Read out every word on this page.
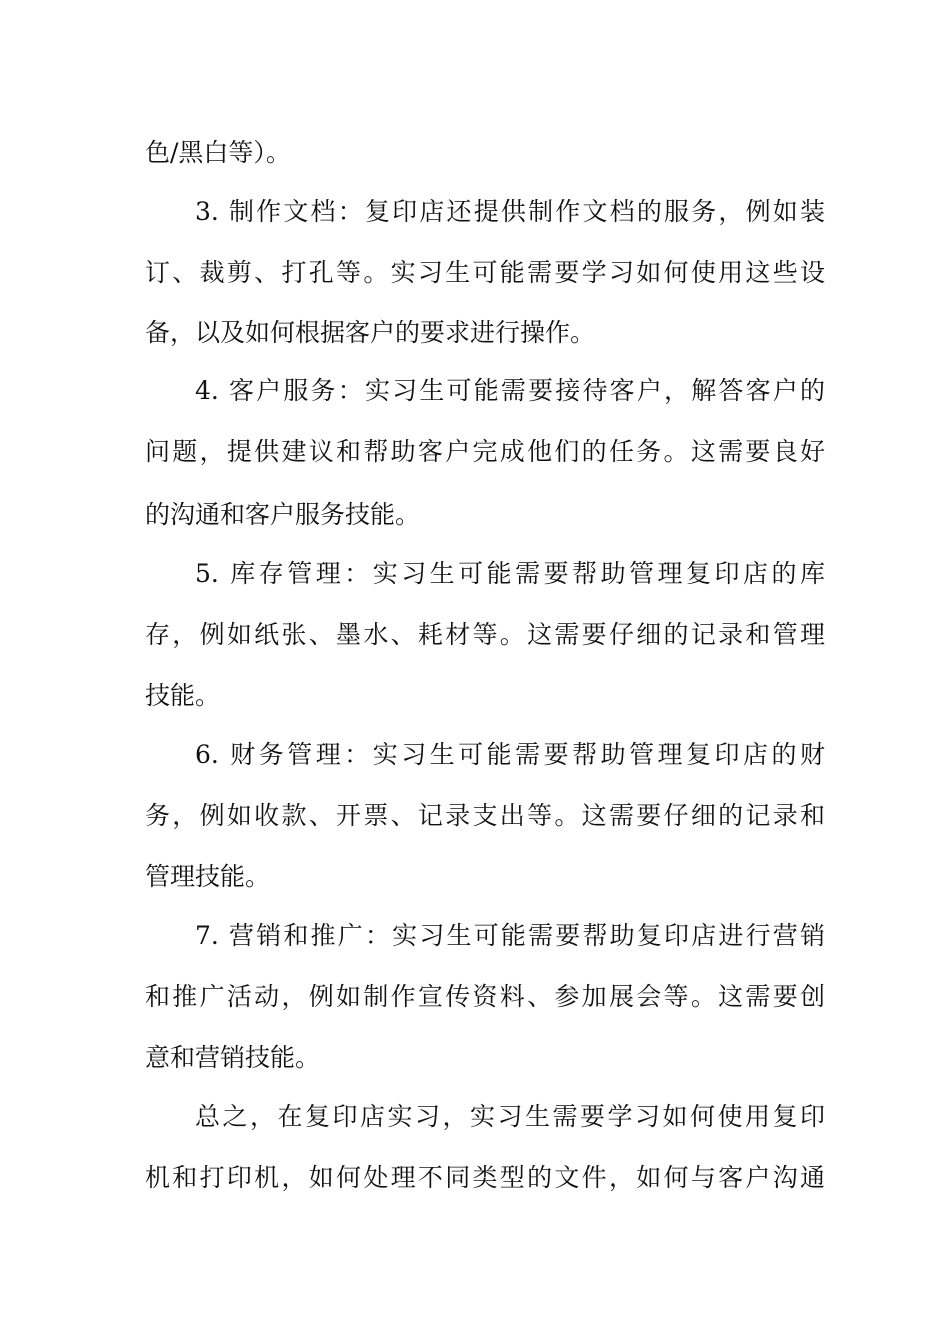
色/黑白等）。
3. 制作文档：复印店还提供制作文档的服务，例如装
订、裁剪、打孔等。实习生可能需要学习如何使用这些设
备，以及如何根据客户的要求进行操作。
4. 客户服务：实习生可能需要接待客户，解答客户的
问题，提供建议和帮助客户完成他们的任务。这需要良好
的沟通和客户服务技能。
5. 库存管理：实习生可能需要帮助管理复印店的库
存，例如纸张、墨水、耗材等。这需要仔细的记录和管理
技能。
6. 财务管理：实习生可能需要帮助管理复印店的财
务，例如收款、开票、记录支出等。这需要仔细的记录和
管理技能。
7. 营销和推广：实习生可能需要帮助复印店进行营销
和推广活动，例如制作宣传资料、参加展会等。这需要创
意和营销技能。
总之，在复印店实习，实习生需要学习如何使用复印
机和打印机，如何处理不同类型的文件，如何与客户沟通
